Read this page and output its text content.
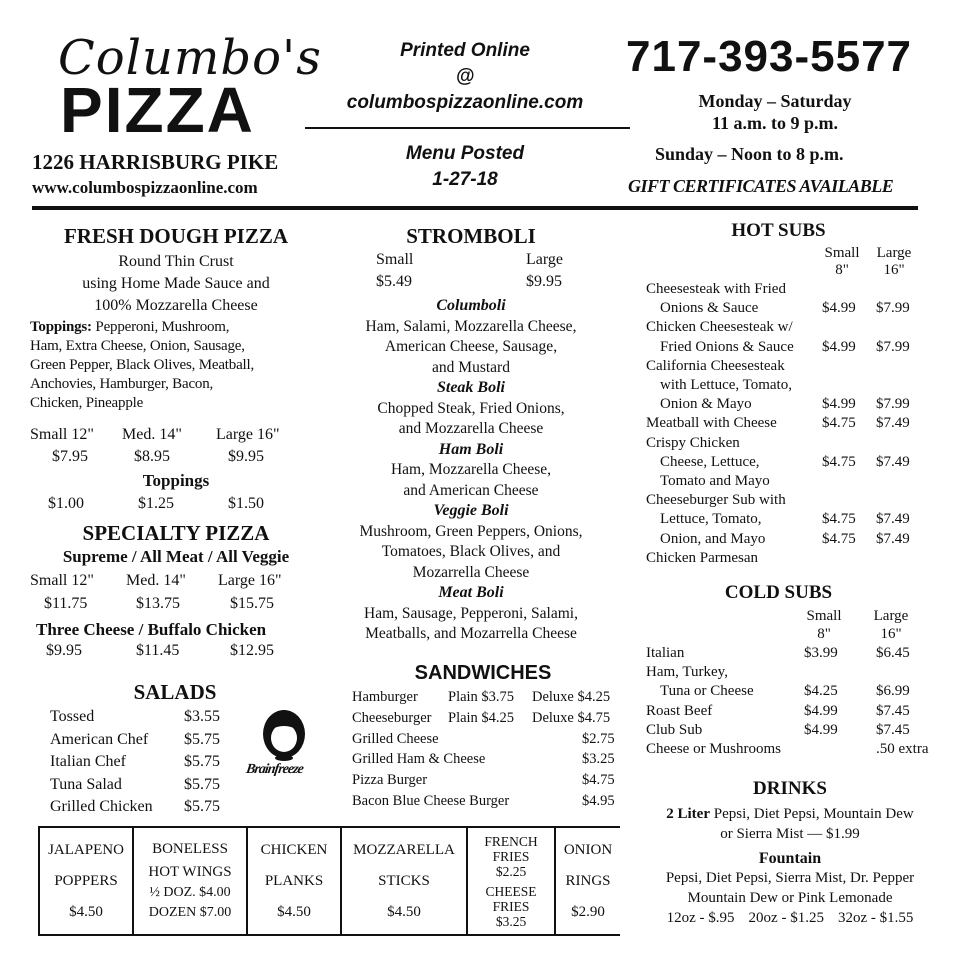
Columbo's
PIZZA
1226 HARRISBURG PIKE
www.columbospizzaonline.com
Printed Online
@
columbospizzaonline.com
Menu Posted
1-27-18
717-393-5577
Monday – Saturday
11 a.m. to 9 p.m.
Sunday – Noon to 8 p.m.
GIFT CERTIFICATES AVAILABLE
FRESH DOUGH PIZZA
Round Thin Crust
using Home Made Sauce and
100% Mozzarella Cheese
Toppings: Pepperoni, Mushroom,
Ham, Extra Cheese, Onion, Sausage,
Green Pepper, Black Olives, Meatball,
Anchovies, Hamburger, Bacon,
Chicken, Pineapple
Small 12"	Med. 14"	Large 16"
$7.95	$8.95	$9.95
Toppings
$1.00	$1.25	$1.50
SPECIALTY PIZZA
Supreme / All Meat / All Veggie
Small 12"	Med. 14"	Large 16"
$11.75	$13.75	$15.75
Three Cheese / Buffalo Chicken
$9.95	$11.45	$12.95
SALADS
Tossed	$3.55
American Chef	$5.75
Italian Chef	$5.75
Tuna Salad	$5.75
Grilled Chicken	$5.75
Brainfreeze
STROMBOLI
Small	Large
$5.49	$9.95
Columboli
Ham, Salami, Mozzarella Cheese,
American Cheese, Sausage,
and Mustard
Steak Boli
Chopped Steak, Fried Onions,
and Mozzarella Cheese
Ham Boli
Ham, Mozzarella Cheese,
and American Cheese
Veggie Boli
Mushroom, Green Peppers, Onions,
Tomatoes, Black Olives, and
Mozarrella Cheese
Meat Boli
Ham, Sausage, Pepperoni, Salami,
Meatballs, and Mozarrella Cheese
SANDWICHES
Hamburger	Plain $3.75	Deluxe $4.25
Cheeseburger	Plain $4.25	Deluxe $4.75
Grilled Cheese	$2.75
Grilled Ham & Cheese	$3.25
Pizza Burger	$4.75
Bacon Blue Cheese Burger	$4.95
HOT SUBS
Small
8"
Large
16"
Cheesesteak with Fried
Onions & Sauce	$4.99	$7.99
Chicken Cheesesteak w/
Fried Onions & Sauce	$4.99	$7.99
California Cheesesteak
with Lettuce, Tomato,
Onion & Mayo	$4.99	$7.99
Meatball with Cheese	$4.75	$7.49
Crispy Chicken
Cheese, Lettuce,	$4.75	$7.49
Tomato and Mayo
Cheeseburger Sub with
Lettuce, Tomato,	$4.75	$7.49
Onion, and Mayo	$4.75	$7.49
Chicken Parmesan
COLD SUBS
Small
8"
Large
16"
Italian	$3.99	$6.45
Ham, Turkey,
Tuna or Cheese	$4.25	$6.99
Roast Beef	$4.99	$7.45
Club Sub	$4.99	$7.45
Cheese or Mushrooms	.50 extra
DRINKS
2 Liter Pepsi, Diet Pepsi, Mountain Dew
or Sierra Mist — $1.99
Fountain
Pepsi, Diet Pepsi, Sierra Mist, Dr. Pepper
Mountain Dew or Pink Lemonade
12oz - $.95 20oz - $1.25 32oz - $1.55
JALAPENO
POPPERS
$4.50

BONELESS
HOT WINGS
½ DOZ. $4.00
DOZEN $7.00

CHICKEN
PLANKS
$4.50

MOZZARELLA
STICKS
$4.50

FRENCH
FRIES
$2.25
CHEESE
FRIES
$3.25

ONION
RINGS
$2.90
